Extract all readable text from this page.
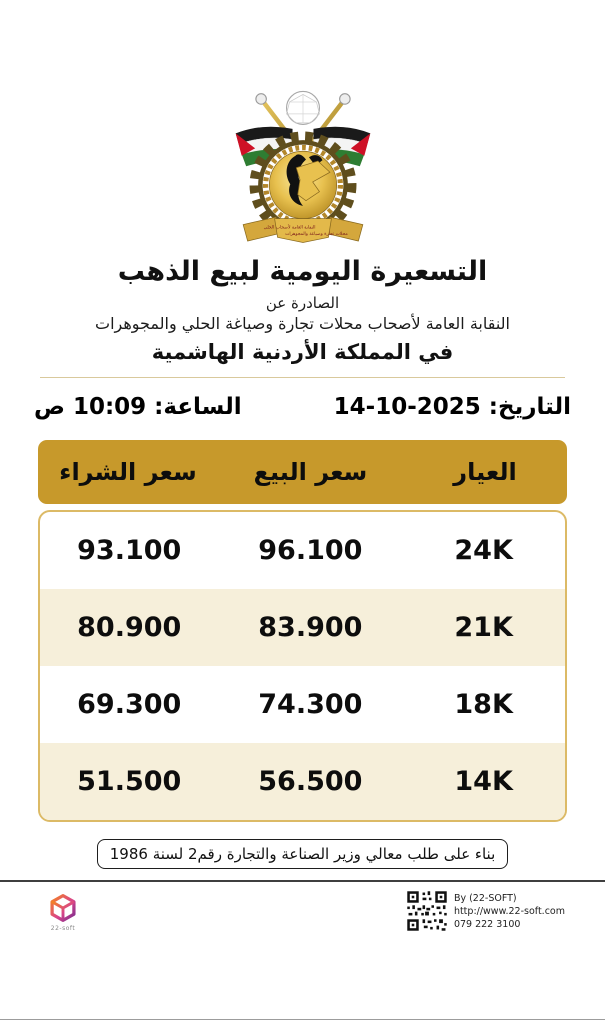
النقابة العامة لأصحاب الحلي
محلات تجارة وصياغة والمجوهرات
التسعيرة اليومية لبيع الذهب
الصادرة عن
النقابة العامة لأصحاب محلات تجارة وصياغة الحلي والمجوهرات
في المملكة الأردنية الهاشمية
التاريخ:
14-10-2025
الساعة:
10:09 ص
العيار
سعر البيع
سعر الشراء
24K
96.100
93.100
21K
83.900
80.900
18K
74.300
69.300
14K
56.500
51.500
بناء على طلب معالي وزير الصناعة والتجارة رقم2 لسنة 1986
22-soft
By (22-SOFT)
http://www.22-soft.com
079 222 3100
